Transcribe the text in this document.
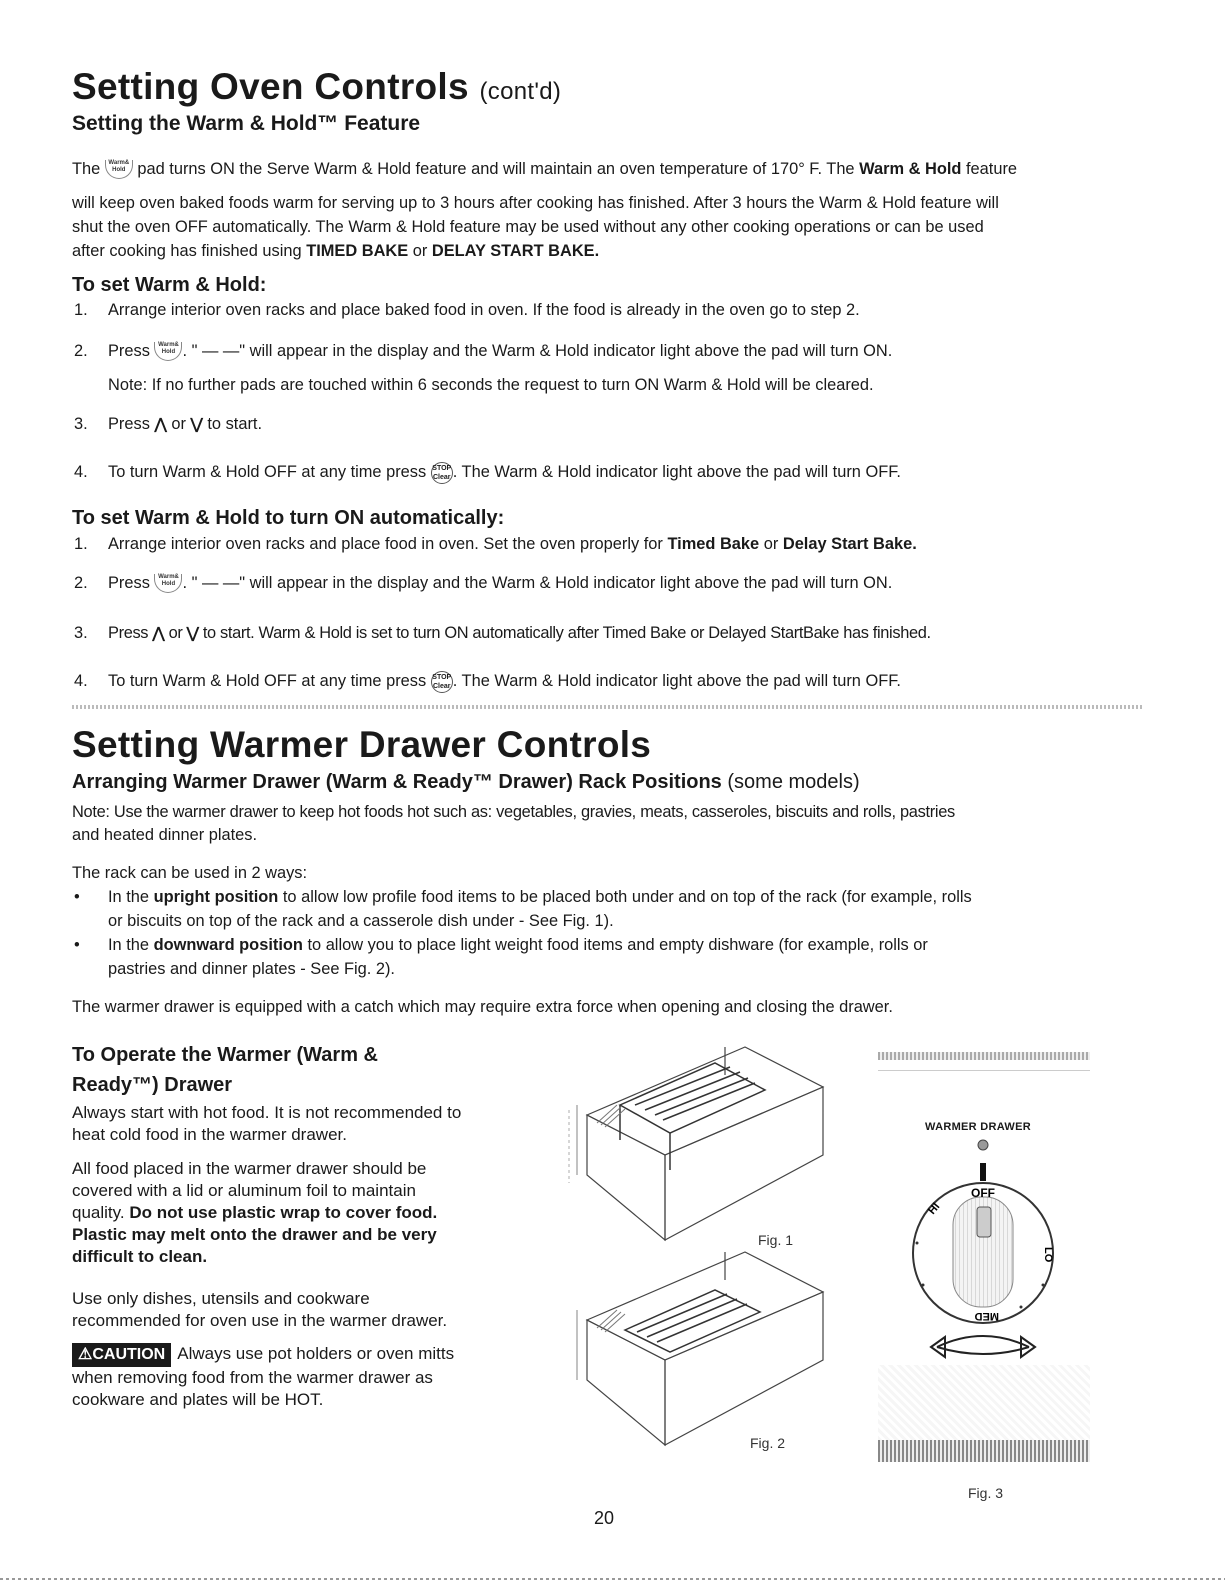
Setting Oven Controls (cont'd)
Setting the Warm & Hold™ Feature
The Warm&
Hold pad turns ON the Serve Warm & Hold feature and will maintain an oven temperature of 170° F. The Warm & Hold feature
will keep oven baked foods warm for serving up to 3 hours after cooking has finished. After 3 hours the Warm & Hold feature will
shut the oven OFF automatically. The Warm & Hold feature may be used without any other cooking operations or can be used
after cooking has finished using TIMED BAKE or DELAY START BAKE.
To set Warm & Hold:
1. Arrange interior oven racks and place baked food in oven. If the food is already in the oven go to step 2.
2. Press Warm&
Hold . " — —" will appear in the display and the Warm & Hold indicator light above the pad will turn ON.
Note: If no further pads are touched within 6 seconds the request to turn ON Warm & Hold will be cleared.
3. Press ⋀ or ⋁ to start.
4. To turn Warm & Hold OFF at any time press STOP
Clear . The Warm & Hold indicator light above the pad will turn OFF.
To set Warm & Hold to turn ON automatically:
1. Arrange interior oven racks and place food in oven. Set the oven properly for Timed Bake or Delay Start Bake.
2. Press Warm&
Hold . " — —" will appear in the display and the Warm & Hold indicator light above the pad will turn ON.
3. Press ⋀ or ⋁ to start. Warm & Hold is set to turn ON automatically after Timed Bake or Delayed StartBake has finished.
4. To turn Warm & Hold OFF at any time press STOP
Clear . The Warm & Hold indicator light above the pad will turn OFF.
Setting Warmer Drawer Controls
Arranging Warmer Drawer (Warm & Ready™ Drawer) Rack Positions (some models)
Note: Use the warmer drawer to keep hot foods hot such as: vegetables, gravies, meats, casseroles, biscuits and rolls, pastries
and heated dinner plates.
The rack can be used in 2 ways:
• In the upright position to allow low profile food items to be placed both under and on top of the rack (for example, rolls
or biscuits on top of the rack and a casserole dish under - See Fig. 1).
• In the downward position to allow you to place light weight food items and empty dishware (for example, rolls or
pastries and dinner plates - See Fig. 2).
The warmer drawer is equipped with a catch which may require extra force when opening and closing the drawer.
To Operate the Warmer (Warm &
Ready™) Drawer
Always start with hot food. It is not recommended to
heat cold food in the warmer drawer.
All food placed in the warmer drawer should be
covered with a lid or aluminum foil to maintain
quality. Do not use plastic wrap to cover food.
Plastic may melt onto the drawer and be very
difficult to clean.
Use only dishes, utensils and cookware
recommended for oven use in the warmer drawer.
⚠CAUTION Always use pot holders or oven mitts
when removing food from the warmer drawer as
cookware and plates will be HOT.
Fig. 1
Fig. 2
WARMER DRAWER
OFF
HI
LO
MED
Fig. 3
20
